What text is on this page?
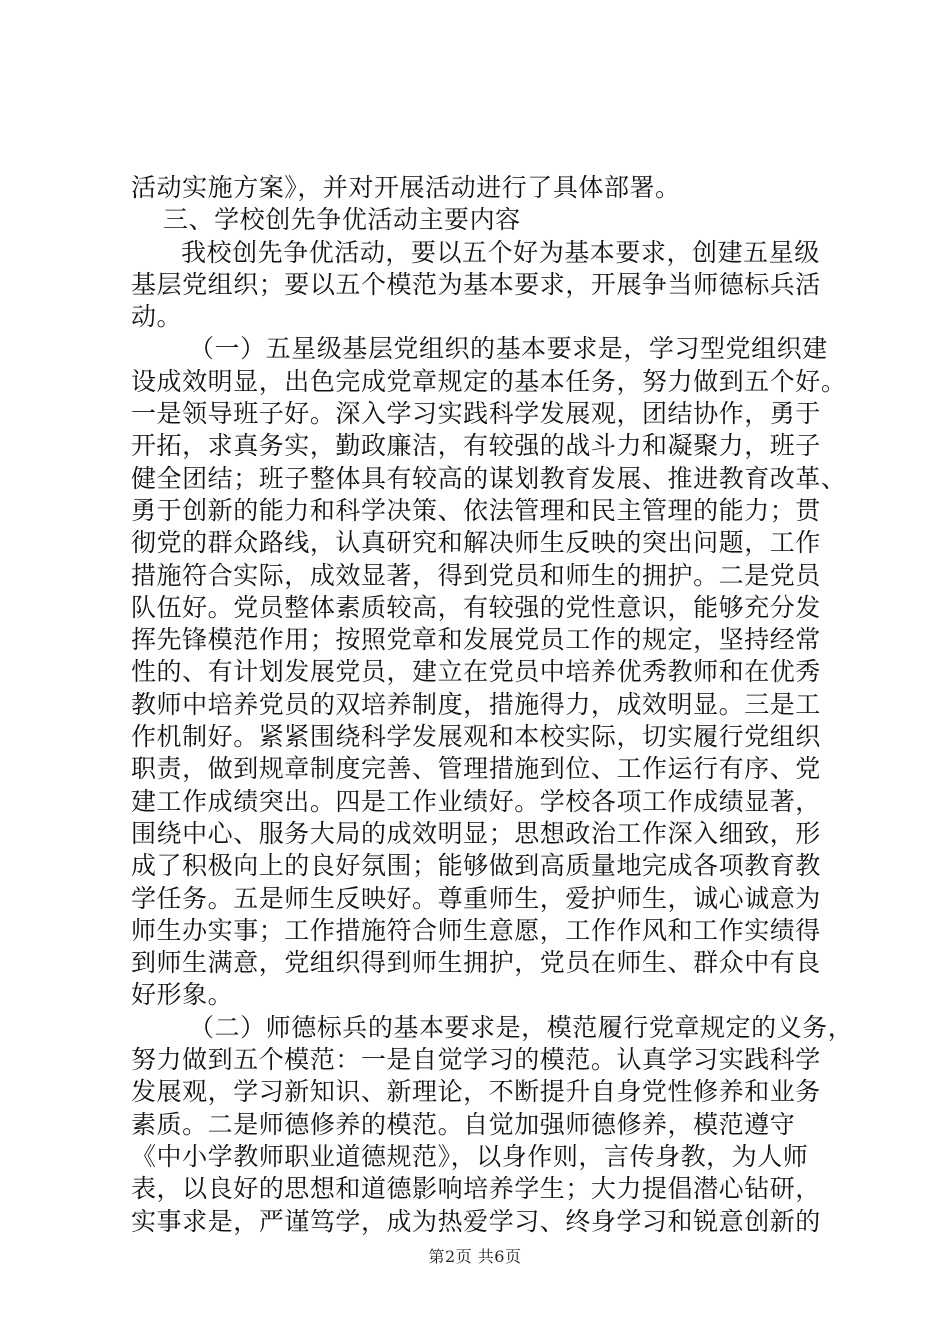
活动实施方案》，并对开展活动进行了具体部署。
三、学校创先争优活动主要内容
我校创先争优活动，要以五个好为基本要求，创建五星级
基层党组织；要以五个模范为基本要求，开展争当师德标兵活
动。
（一）五星级基层党组织的基本要求是，学习型党组织建
设成效明显，出色完成党章规定的基本任务，努力做到五个好。
一是领导班子好。深入学习实践科学发展观，团结协作，勇于
开拓，求真务实，勤政廉洁，有较强的战斗力和凝聚力，班子
健全团结；班子整体具有较高的谋划教育发展、推进教育改革、
勇于创新的能力和科学决策、依法管理和民主管理的能力；贯
彻党的群众路线，认真研究和解决师生反映的突出问题，工作
措施符合实际，成效显著，得到党员和师生的拥护。二是党员
队伍好。党员整体素质较高，有较强的党性意识，能够充分发
挥先锋模范作用；按照党章和发展党员工作的规定，坚持经常
性的、有计划发展党员，建立在党员中培养优秀教师和在优秀
教师中培养党员的双培养制度，措施得力，成效明显。三是工
作机制好。紧紧围绕科学发展观和本校实际，切实履行党组织
职责，做到规章制度完善、管理措施到位、工作运行有序、党
建工作成绩突出。四是工作业绩好。学校各项工作成绩显著，
围绕中心、服务大局的成效明显；思想政治工作深入细致，形
成了积极向上的良好氛围；能够做到高质量地完成各项教育教
学任务。五是师生反映好。尊重师生，爱护师生，诚心诚意为
师生办实事；工作措施符合师生意愿，工作作风和工作实绩得
到师生满意，党组织得到师生拥护，党员在师生、群众中有良
好形象。
（二）师德标兵的基本要求是，模范履行党章规定的义务，
努力做到五个模范：一是自觉学习的模范。认真学习实践科学
发展观，学习新知识、新理论，不断提升自身党性修养和业务
素质。二是师德修养的模范。自觉加强师德修养，模范遵守
《中小学教师职业道德规范》，以身作则，言传身教，为人师
表，以良好的思想和道德影响培养学生；大力提倡潜心钻研，
实事求是，严谨笃学，成为热爱学习、终身学习和锐意创新的
第2页 共6页
